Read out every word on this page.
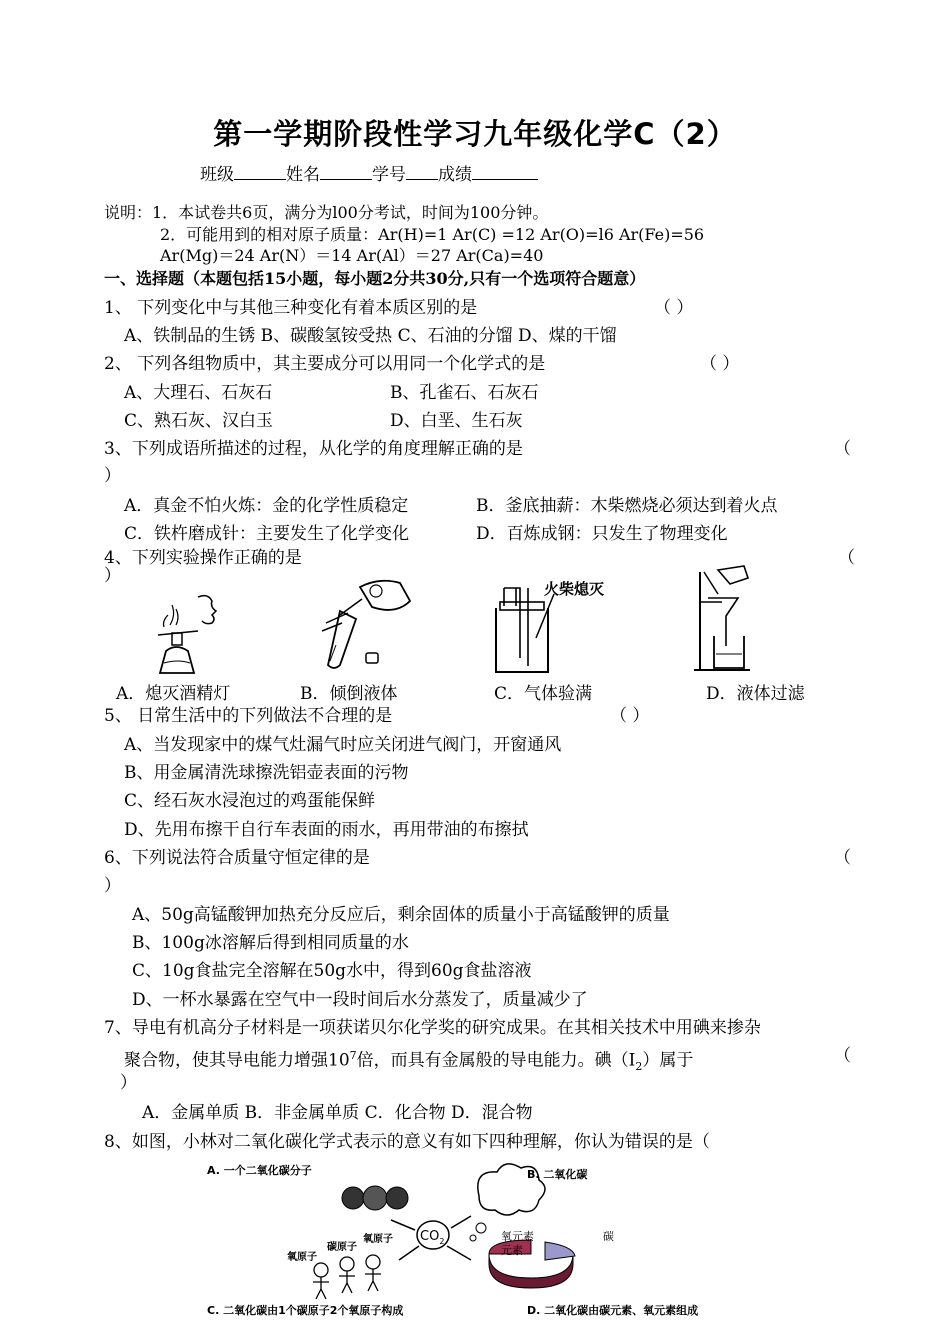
第一学期阶段性学习九年级化学C（2）
班级	姓名	学号 成绩
说明：1．本试卷共6页，满分为l00分考试，时间为100分钟。
2．可能用到的相对原子质量：Ar(H)=1 Ar(C) =12 Ar(O)=l6 Ar(Fe)=56
Ar(Mg)＝24 Ar(N）＝14 Ar(Al）＝27 Ar(Ca)=40
一、选择题（本题包括15小题，每小题2分共30分,只有一个选项符合题意）
1、 下列变化中与其他三种变化有着本质区别的是	（ ）
A、铁制品的生锈 B、碳酸氢铵受热 C、石油的分馏 D、煤的干馏
2、 下列各组物质中，其主要成分可以用同一个化学式的是	（ ）
A、大理石、石灰石	B、孔雀石、石灰石
C、熟石灰、汉白玉	D、白垩、生石灰
3、下列成语所描述的过程，从化学的角度理解正确的是	（
）
A．真金不怕火炼：金的化学性质稳定	B．釜底抽薪：木柴燃烧必须达到着火点
C．铁杵磨成针：主要发生了化学变化	D．百炼成钢：只发生了物理变化
4、下列实验操作正确的是	（
）
火柴熄灭
A．熄灭酒精灯	B．倾倒液体	C．气体验满	D．液体过滤
5、 日常生活中的下列做法不合理的是	（ ）
A、当发现家中的煤气灶漏气时应关闭进气阀门，开窗通风
B、用金属清洗球擦洗铝壶表面的污物
C、经石灰水浸泡过的鸡蛋能保鲜
D、先用布擦干自行车表面的雨水，再用带油的布擦拭
6、下列说法符合质量守恒定律的是	（
）
A、50g高锰酸钾加热充分反应后，剩余固体的质量小于高锰酸钾的质量
B、100g冰溶解后得到相同质量的水
C、10g食盐完全溶解在50g水中，得到60g食盐溶液
D、一杯水暴露在空气中一段时间后水分蒸发了，质量减少了
7、导电有机高分子材料是一项获诺贝尔化学奖的研究成果。在其相关技术中用碘来掺杂
聚合物，使其导电能力增强$10^7$倍，而具有金属般的导电能力。碘$(I_2)$属于	（
）
A．金属单质 B．非金属单质 C．化合物 D．混合物
8、如图，小林对二氧化碳化学式表示的意义有如下四种理解，你认为错误的是（
A. 一个二氧化碳分子	B. 二氧化碳
$CO_2$
氧原子
碳原子
氧原子	氧元素
元素
碳
C. 二氧化碳由1个碳原子2个氧原子构成	D. 二氧化碳由碳元素、氧元素组成
